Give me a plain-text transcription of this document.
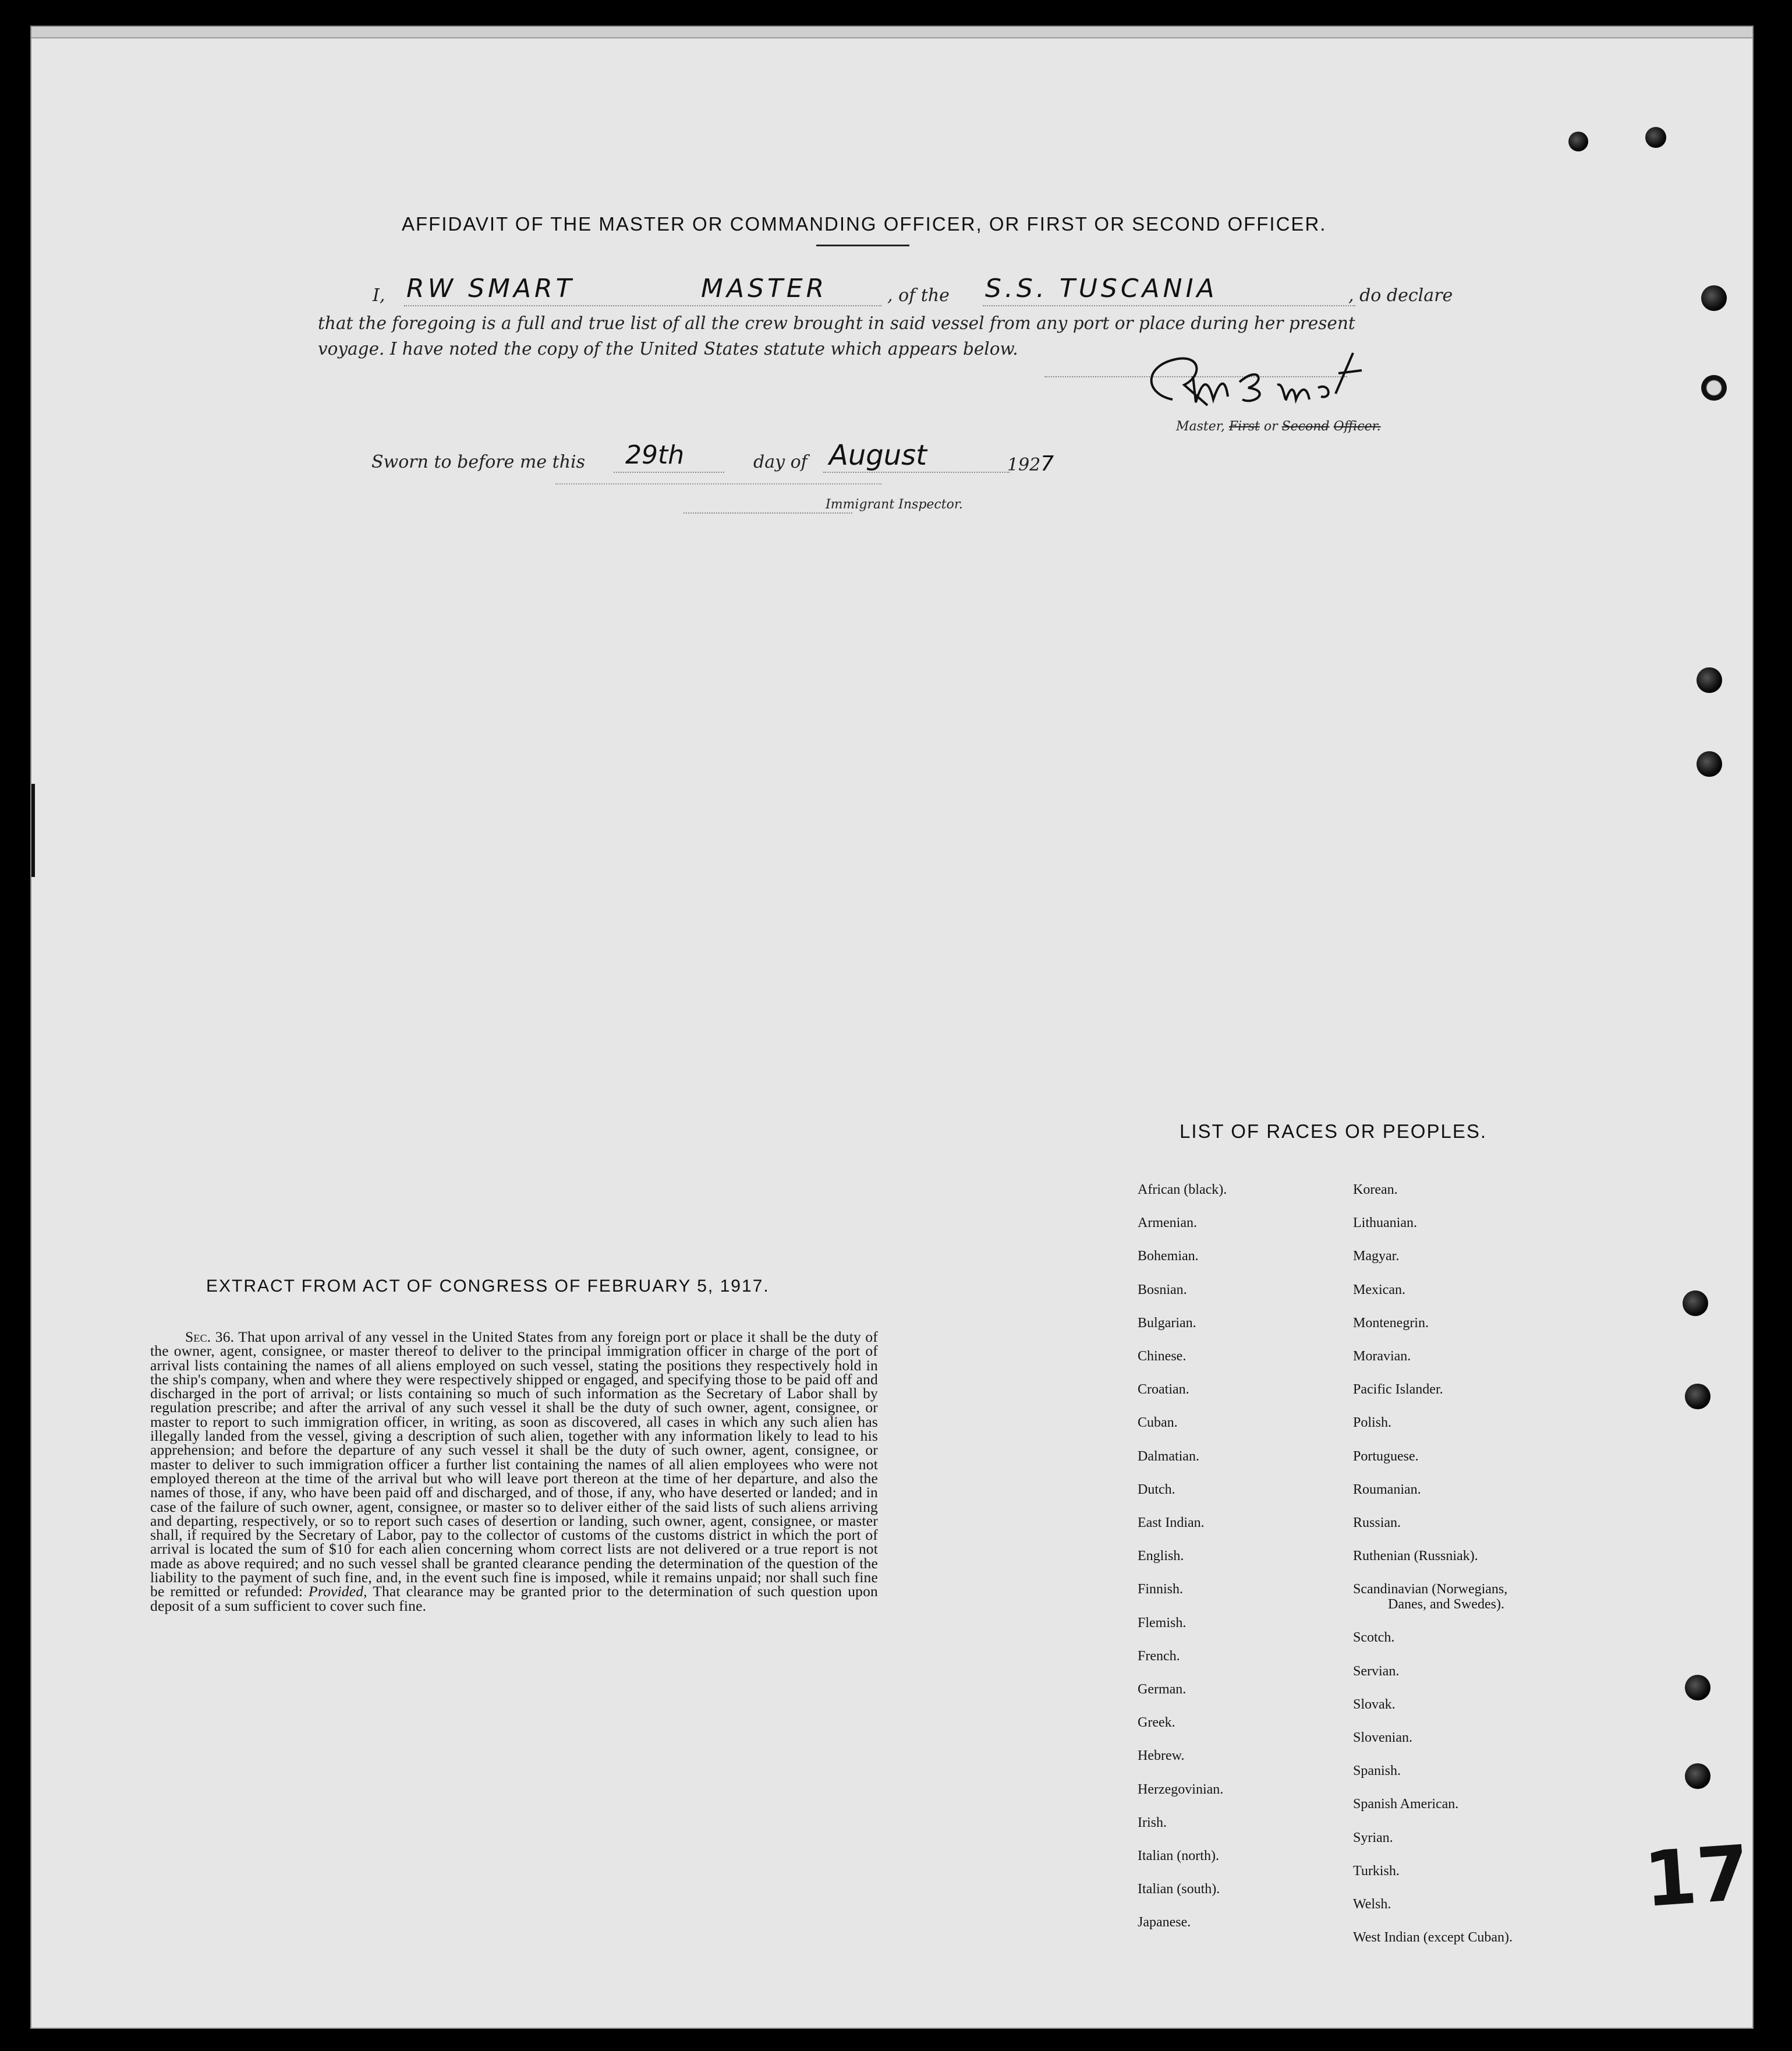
AFFIDAVIT OF THE MASTER OR COMMANDING OFFICER, OR FIRST OR SECOND OFFICER.
I, RW SMART	MASTER	, of the S.S. TUSCANIA	, do declare
that the foregoing is a full and true list of all the crew brought in said vessel from any port or place during her present
voyage. I have noted the copy of the United States statute which appears below.
Master, First or Second Officer.
Sworn to before me this 29th	day of August	1927
Immigrant Inspector.
EXTRACT FROM ACT OF CONGRESS OF FEBRUARY 5, 1917.
Sec. 36. That upon arrival of any vessel in the United States from any foreign port or place it shall be the duty of the owner, agent, consignee, or master thereof to deliver to the principal immigration officer in charge of the port of arrival lists containing the names of all aliens employed on such vessel, stating the positions they respectively hold in the ship's company, when and where they were respectively shipped or engaged, and specifying those to be paid off and discharged in the port of arrival; or lists containing so much of such information as the Secretary of Labor shall by regulation prescribe; and after the arrival of any such vessel it shall be the duty of such owner, agent, consignee, or master to report to such immigration officer, in writing, as soon as discovered, all cases in which any such alien has illegally landed from the vessel, giving a description of such alien, together with any information likely to lead to his apprehension; and before the departure of any such vessel it shall be the duty of such owner, agent, consignee, or master to deliver to such immigration officer a further list containing the names of all alien employees who were not employed thereon at the time of the arrival but who will leave port thereon at the time of her departure, and also the names of those, if any, who have been paid off and discharged, and of those, if any, who have deserted or landed; and in case of the failure of such owner, agent, consignee, or master so to deliver either of the said lists of such aliens arriving and departing, respectively, or so to report such cases of desertion or landing, such owner, agent, consignee, or master shall, if required by the Secretary of Labor, pay to the collector of customs of the customs district in which the port of arrival is located the sum of $10 for each alien concerning whom correct lists are not delivered or a true report is not made as above required; and no such vessel shall be granted clearance pending the determination of the question of the liability to the payment of such fine, and, in the event such fine is imposed, while it remains unpaid; nor shall such fine be remitted or refunded: Provided, That clearance may be granted prior to the determination of such question upon deposit of a sum sufficient to cover such fine.
LIST OF RACES OR PEOPLES.
17
African (black).
Armenian.
Bohemian.
Bosnian.
Bulgarian.
Chinese.
Croatian.
Cuban.
Dalmatian.
Dutch.
East Indian.
English.
Finnish.
Flemish.
French.
German.
Greek.
Hebrew.
Herzegovinian.
Irish.
Italian (north).
Italian (south).
Japanese.
Korean.
Lithuanian.
Magyar.
Mexican.
Montenegrin.
Moravian.
Pacific Islander.
Polish.
Portuguese.
Roumanian.
Russian.
Ruthenian (Russniak).
Scandinavian (Norwegians,
Danes, and Swedes).
Scotch.
Servian.
Slovak.
Slovenian.
Spanish.
Spanish American.
Syrian.
Turkish.
Welsh.
West Indian (except Cuban).
